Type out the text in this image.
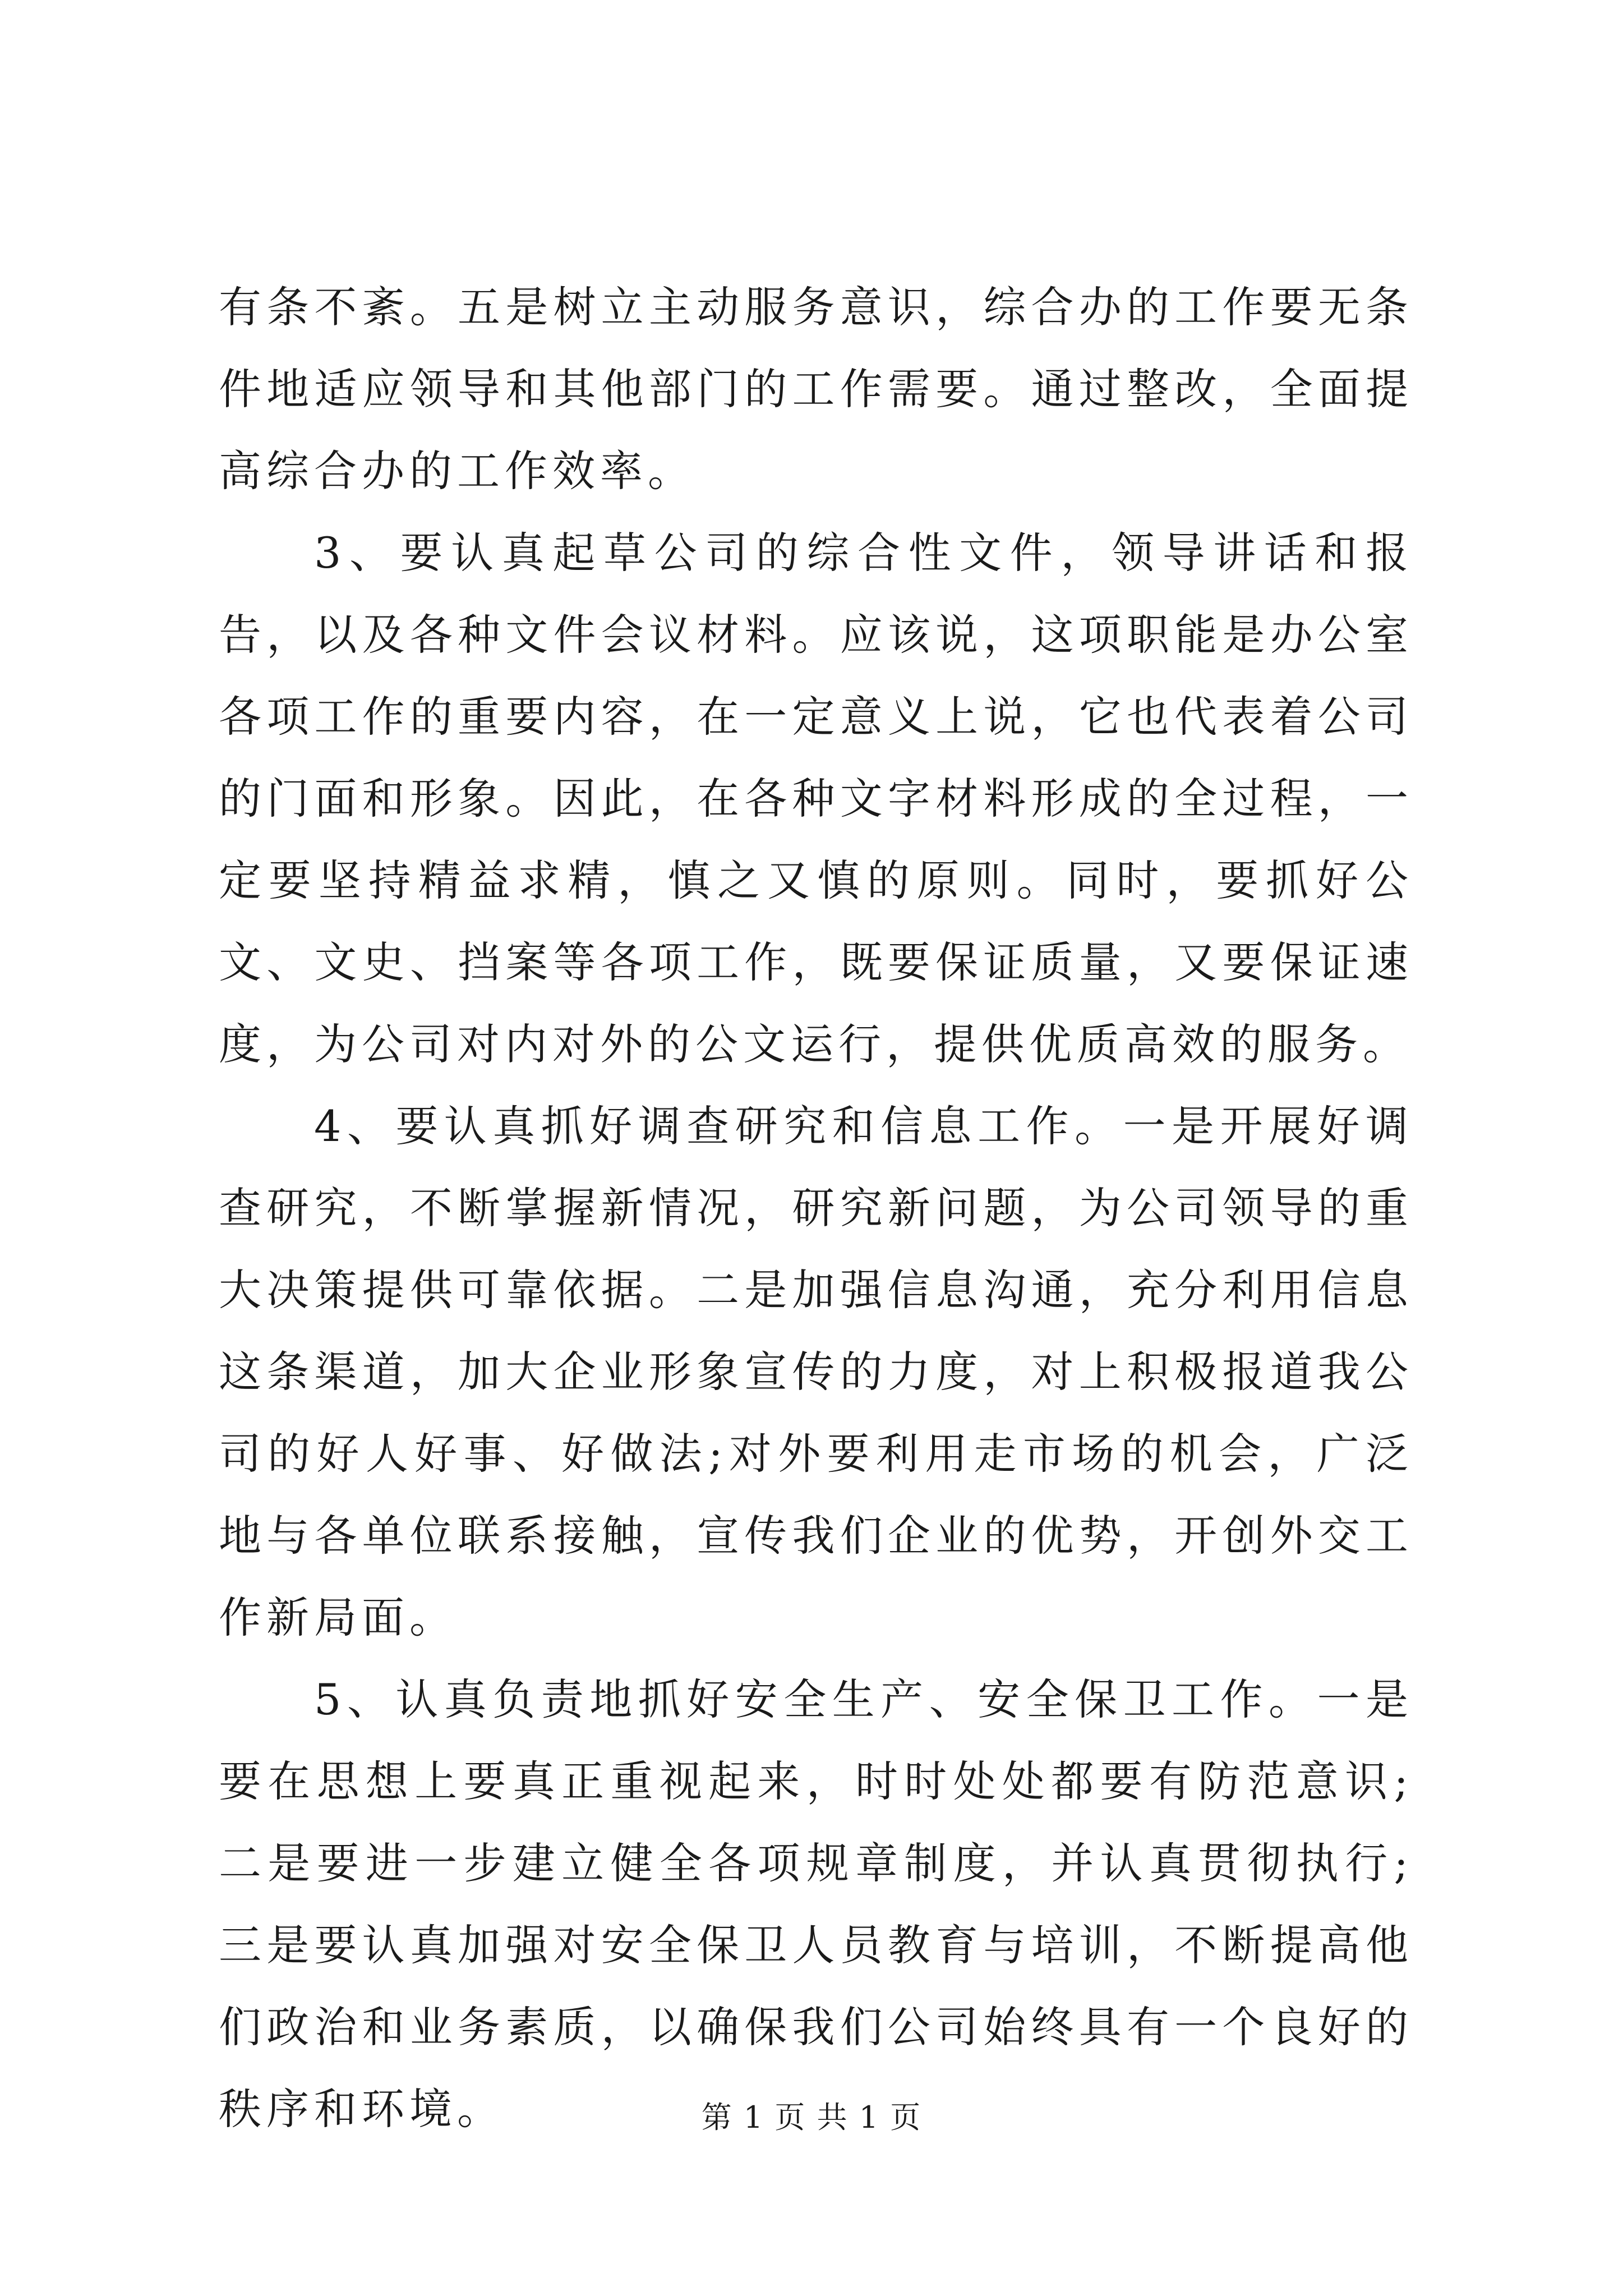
有条不紊。五是树立主动服务意识，综合办的工作要无条件地适应领导和其他部门的工作需要。通过整改，全面提高综合办的工作效率。

3、要认真起草公司的综合性文件，领导讲话和报告，以及各种文件会议材料。应该说，这项职能是办公室各项工作的重要内容，在一定意义上说，它也代表着公司的门面和形象。因此，在各种文字材料形成的全过程，一定要坚持精益求精，慎之又慎的原则。同时，要抓好公文、文史、挡案等各项工作，既要保证质量，又要保证速度，为公司对内对外的公文运行，提供优质高效的服务。

4、要认真抓好调查研究和信息工作。一是开展好调查研究，不断掌握新情况，研究新问题，为公司领导的重大决策提供可靠依据。二是加强信息沟通，充分利用信息这条渠道，加大企业形象宣传的力度，对上积极报道我公司的好人好事、好做法;对外要利用走市场的机会，广泛地与各单位联系接触，宣传我们企业的优势，开创外交工作新局面。

5、认真负责地抓好安全生产、安全保卫工作。一是要在思想上要真正重视起来，时时处处都要有防范意识;二是要进一步建立健全各项规章制度，并认真贯彻执行;三是要认真加强对安全保卫人员教育与培训，不断提高他们政治和业务素质，以确保我们公司始终具有一个良好的秩序和环境。	第 1 页 共 1 页
